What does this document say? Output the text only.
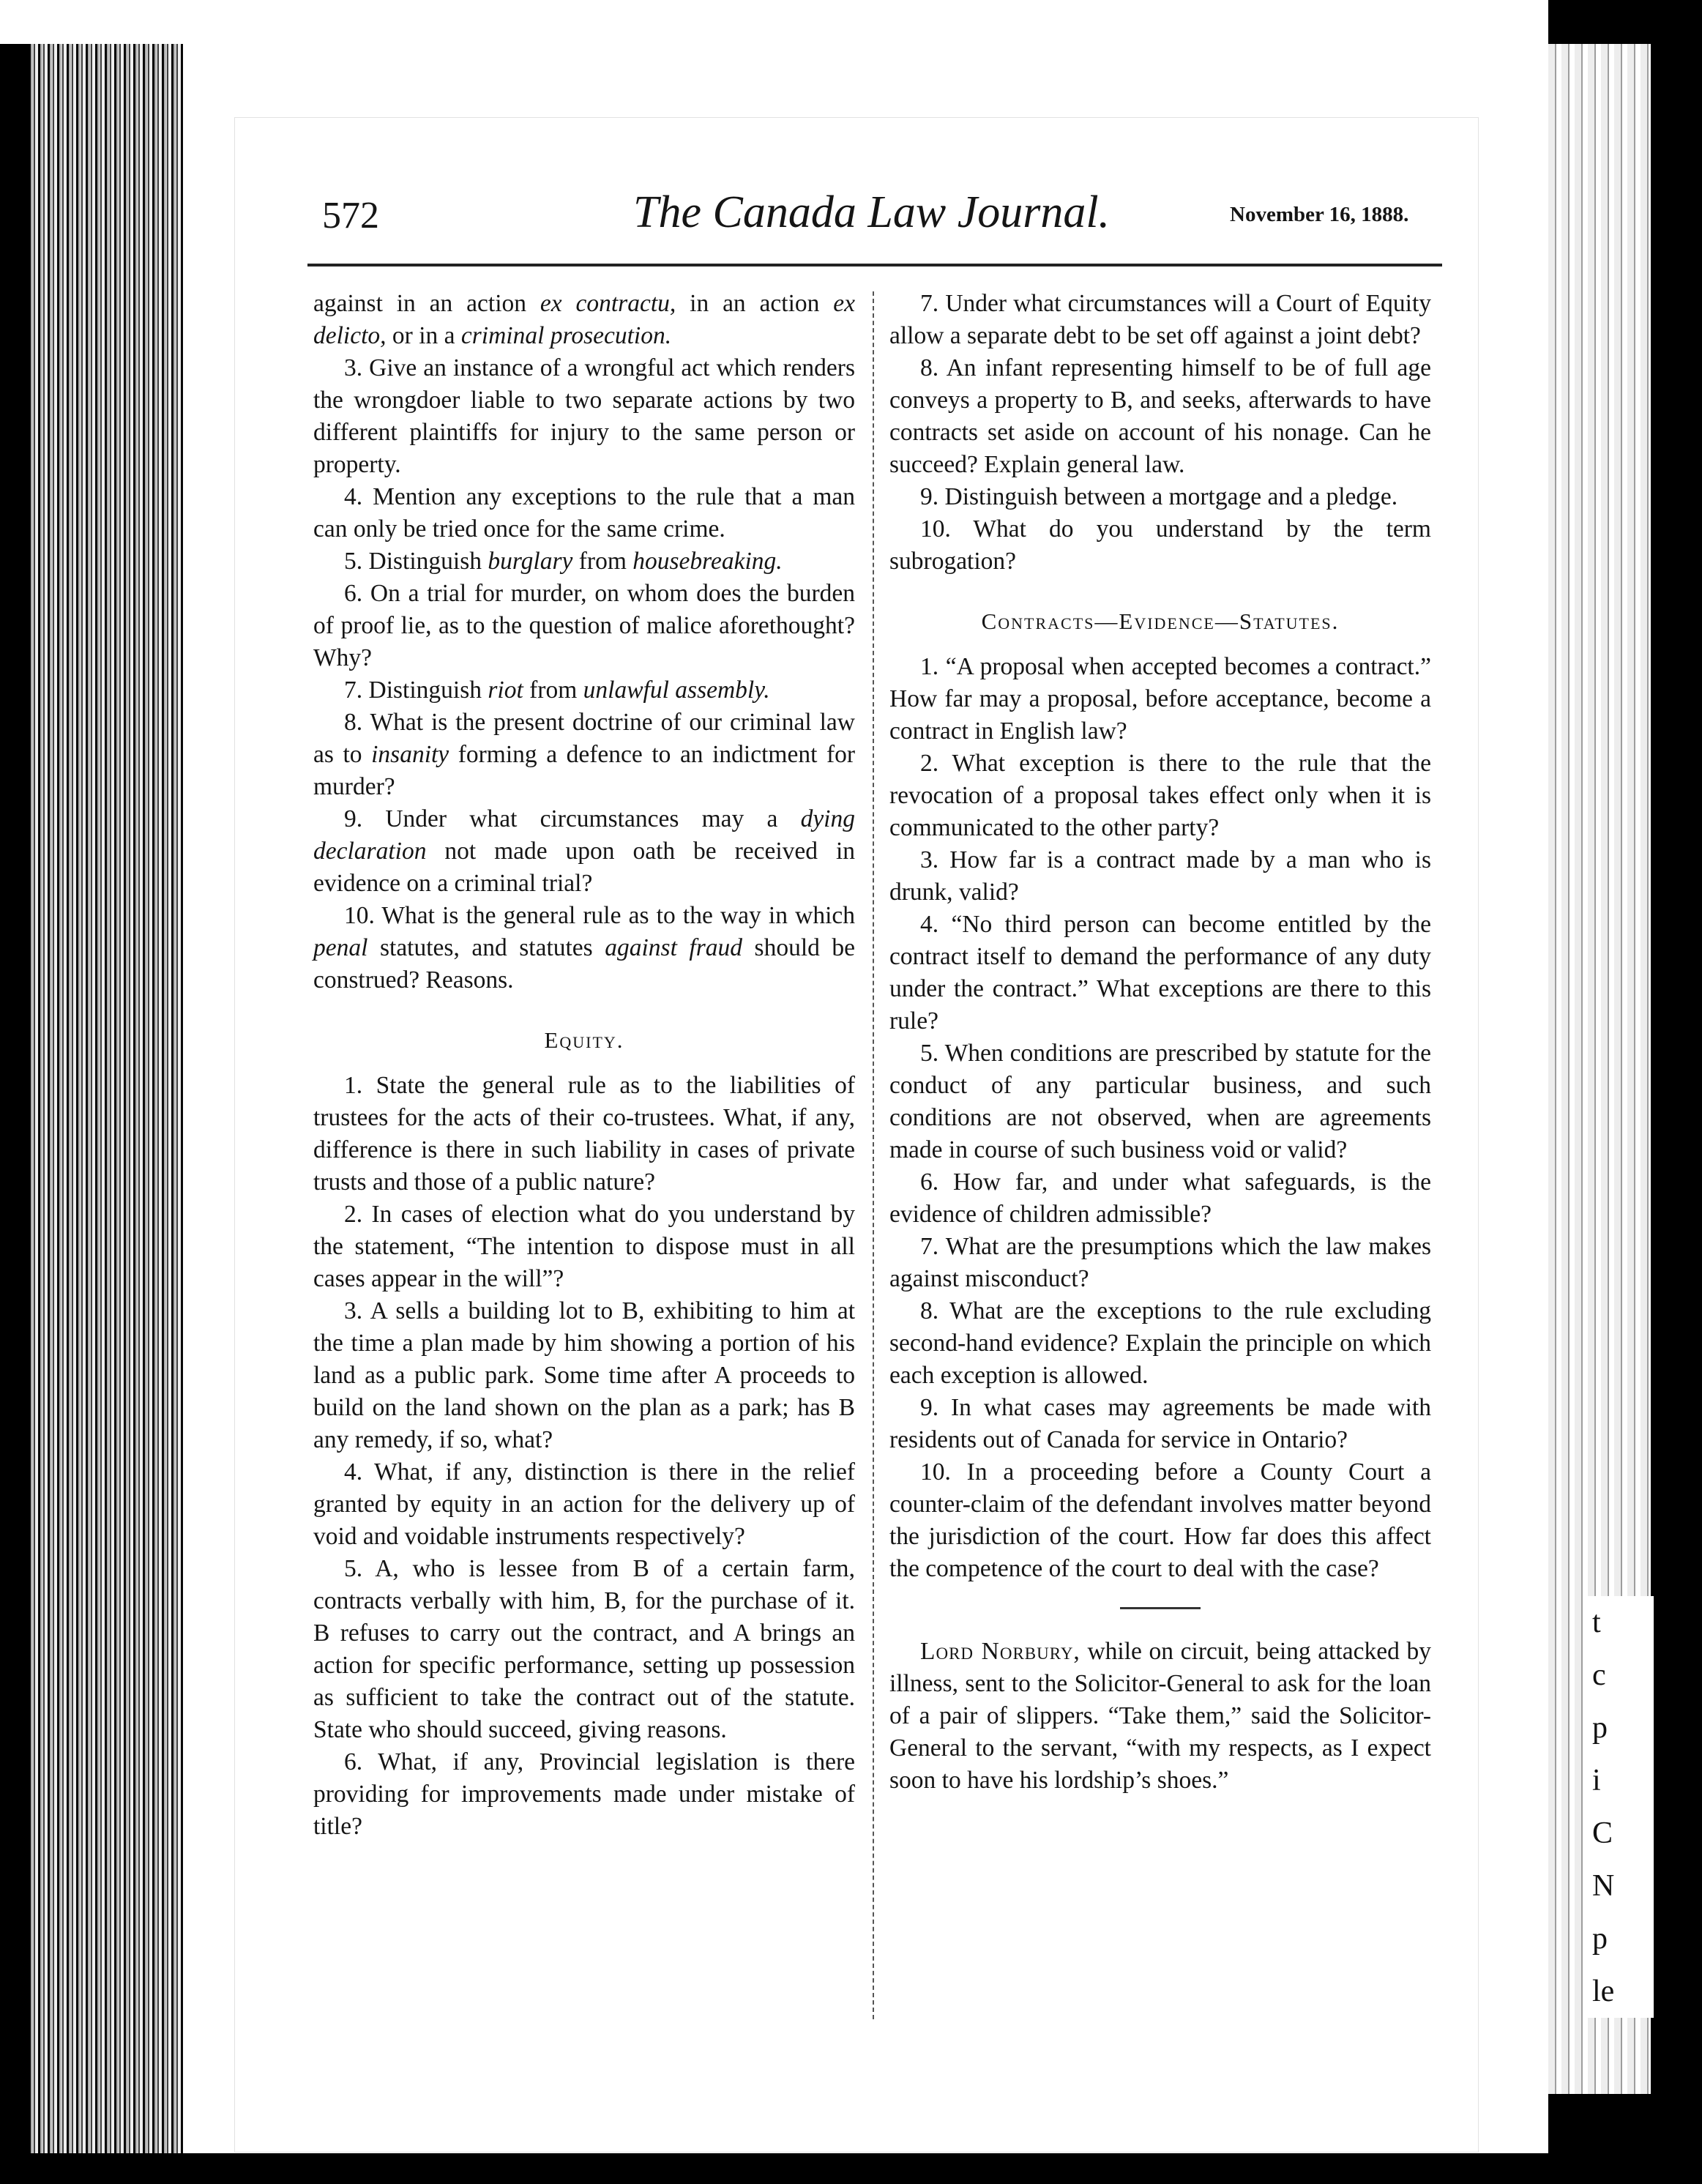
t
c
p
i
C
N
p
le
572	The Canada Law Journal.	November 16, 1888.

against in an action ex contractu, in an action ex delicto, or in a criminal prosecution.

3. Give an instance of a wrongful act which renders the wrongdoer liable to two separate actions by two different plaintiffs for injury to the same person or property.

4. Mention any exceptions to the rule that a man can only be tried once for the same crime.

5. Distinguish burglary from housebreaking.

6. On a trial for murder, on whom does the burden of proof lie, as to the question of malice aforethought? Why?

7. Distinguish riot from unlawful assembly.

8. What is the present doctrine of our criminal law as to insanity forming a defence to an indictment for murder?

9. Under what circumstances may a dying declaration not made upon oath be received in evidence on a criminal trial?

10. What is the general rule as to the way in which penal statutes, and statutes against fraud should be construed? Reasons.

Equity.

1. State the general rule as to the liabilities of trustees for the acts of their co-trustees. What, if any, difference is there in such liability in cases of private trusts and those of a public nature?

2. In cases of election what do you understand by the statement, “The intention to dispose must in all cases appear in the will”?

3. A sells a building lot to B, exhibiting to him at the time a plan made by him showing a portion of his land as a public park. Some time after A proceeds to build on the land shown on the plan as a park; has B any remedy, if so, what?

4. What, if any, distinction is there in the relief granted by equity in an action for the delivery up of void and voidable instruments respectively?

5. A, who is lessee from B of a certain farm, contracts verbally with him, B, for the purchase of it. B refuses to carry out the contract, and A brings an action for specific performance, setting up possession as sufficient to take the contract out of the statute. State who should succeed, giving reasons.

6. What, if any, Provincial legislation is there providing for improvements made under mistake of title?

7. Under what circumstances will a Court of Equity allow a separate debt to be set off against a joint debt?

8. An infant representing himself to be of full age conveys a property to B, and seeks, afterwards to have contracts set aside on account of his nonage. Can he succeed? Explain general law.

9. Distinguish between a mortgage and a pledge.

10. What do you understand by the term subrogation?

Contracts—Evidence—Statutes.

1. “A proposal when accepted becomes a contract.” How far may a proposal, before acceptance, become a contract in English law?

2. What exception is there to the rule that the revocation of a proposal takes effect only when it is communicated to the other party?

3. How far is a contract made by a man who is drunk, valid?

4. “No third person can become entitled by the contract itself to demand the performance of any duty under the contract.” What exceptions are there to this rule?

5. When conditions are prescribed by statute for the conduct of any particular business, and such conditions are not observed, when are agreements made in course of such business void or valid?

6. How far, and under what safeguards, is the evidence of children admissible?

7. What are the presumptions which the law makes against misconduct?

8. What are the exceptions to the rule excluding second-hand evidence? Explain the principle on which each exception is allowed.

9. In what cases may agreements be made with residents out of Canada for service in Ontario?

10. In a proceeding before a County Court a counter-claim of the defendant involves matter beyond the jurisdiction of the court. How far does this affect the competence of the court to deal with the case?

Lord Norbury, while on circuit, being attacked by illness, sent to the Solicitor-General to ask for the loan of a pair of slippers. “Take them,” said the Solicitor-General to the servant, “with my respects, as I expect soon to have his lordship’s shoes.”
